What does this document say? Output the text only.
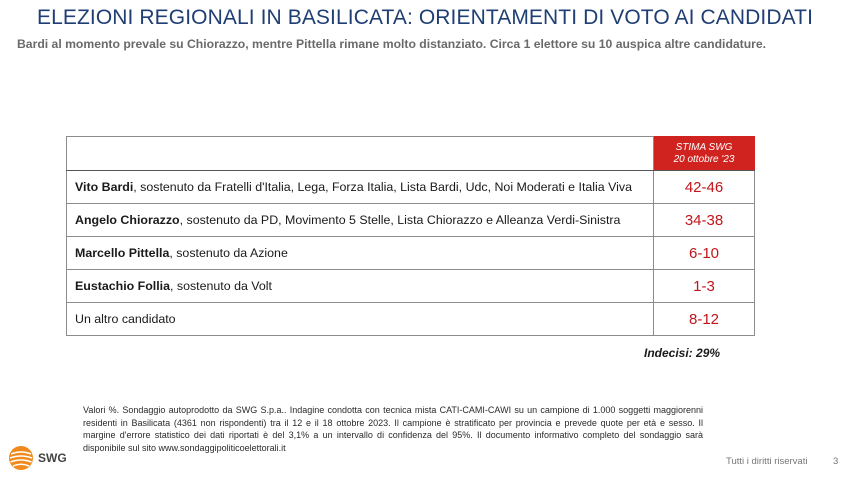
ELEZIONI REGIONALI IN BASILICATA: ORIENTAMENTI DI VOTO AI CANDIDATI
Bardi al momento prevale su Chiorazzo, mentre Pittella rimane molto distanziato. Circa 1 elettore su 10 auspica altre candidature.

	STIMA SWG
20 ottobre '23

Vito Bardi, sostenuto da Fratelli d'Italia, Lega, Forza Italia, Lista Bardi, Udc, Noi Moderati e Italia Viva	42-46
Angelo Chiorazzo, sostenuto da PD, Movimento 5 Stelle, Lista Chiorazzo e Alleanza Verdi-Sinistra	34-38
Marcello Pittella, sostenuto da Azione	6-10
Eustachio Follia, sostenuto da Volt	1-3
Un altro candidato	8-12
Indecisi: 29%
Valori %. Sondaggio autoprodotto da SWG S.p.a.. Indagine condotta con tecnica mista CATI-CAMI-CAWI su un campione di 1.000 soggetti maggiorenni residenti in Basilicata (4361 non rispondenti) tra il 12 e il 18 ottobre 2023. Il campione è stratificato per provincia e prevede quote per età e sesso. Il margine d'errore statistico dei dati riportati è del 3,1% a un intervallo di confidenza del 95%. Il documento informativo completo del sondaggio sarà disponibile sul sito www.sondaggipoliticoelettorali.it
SWG	Tutti i diritti riservati	3
